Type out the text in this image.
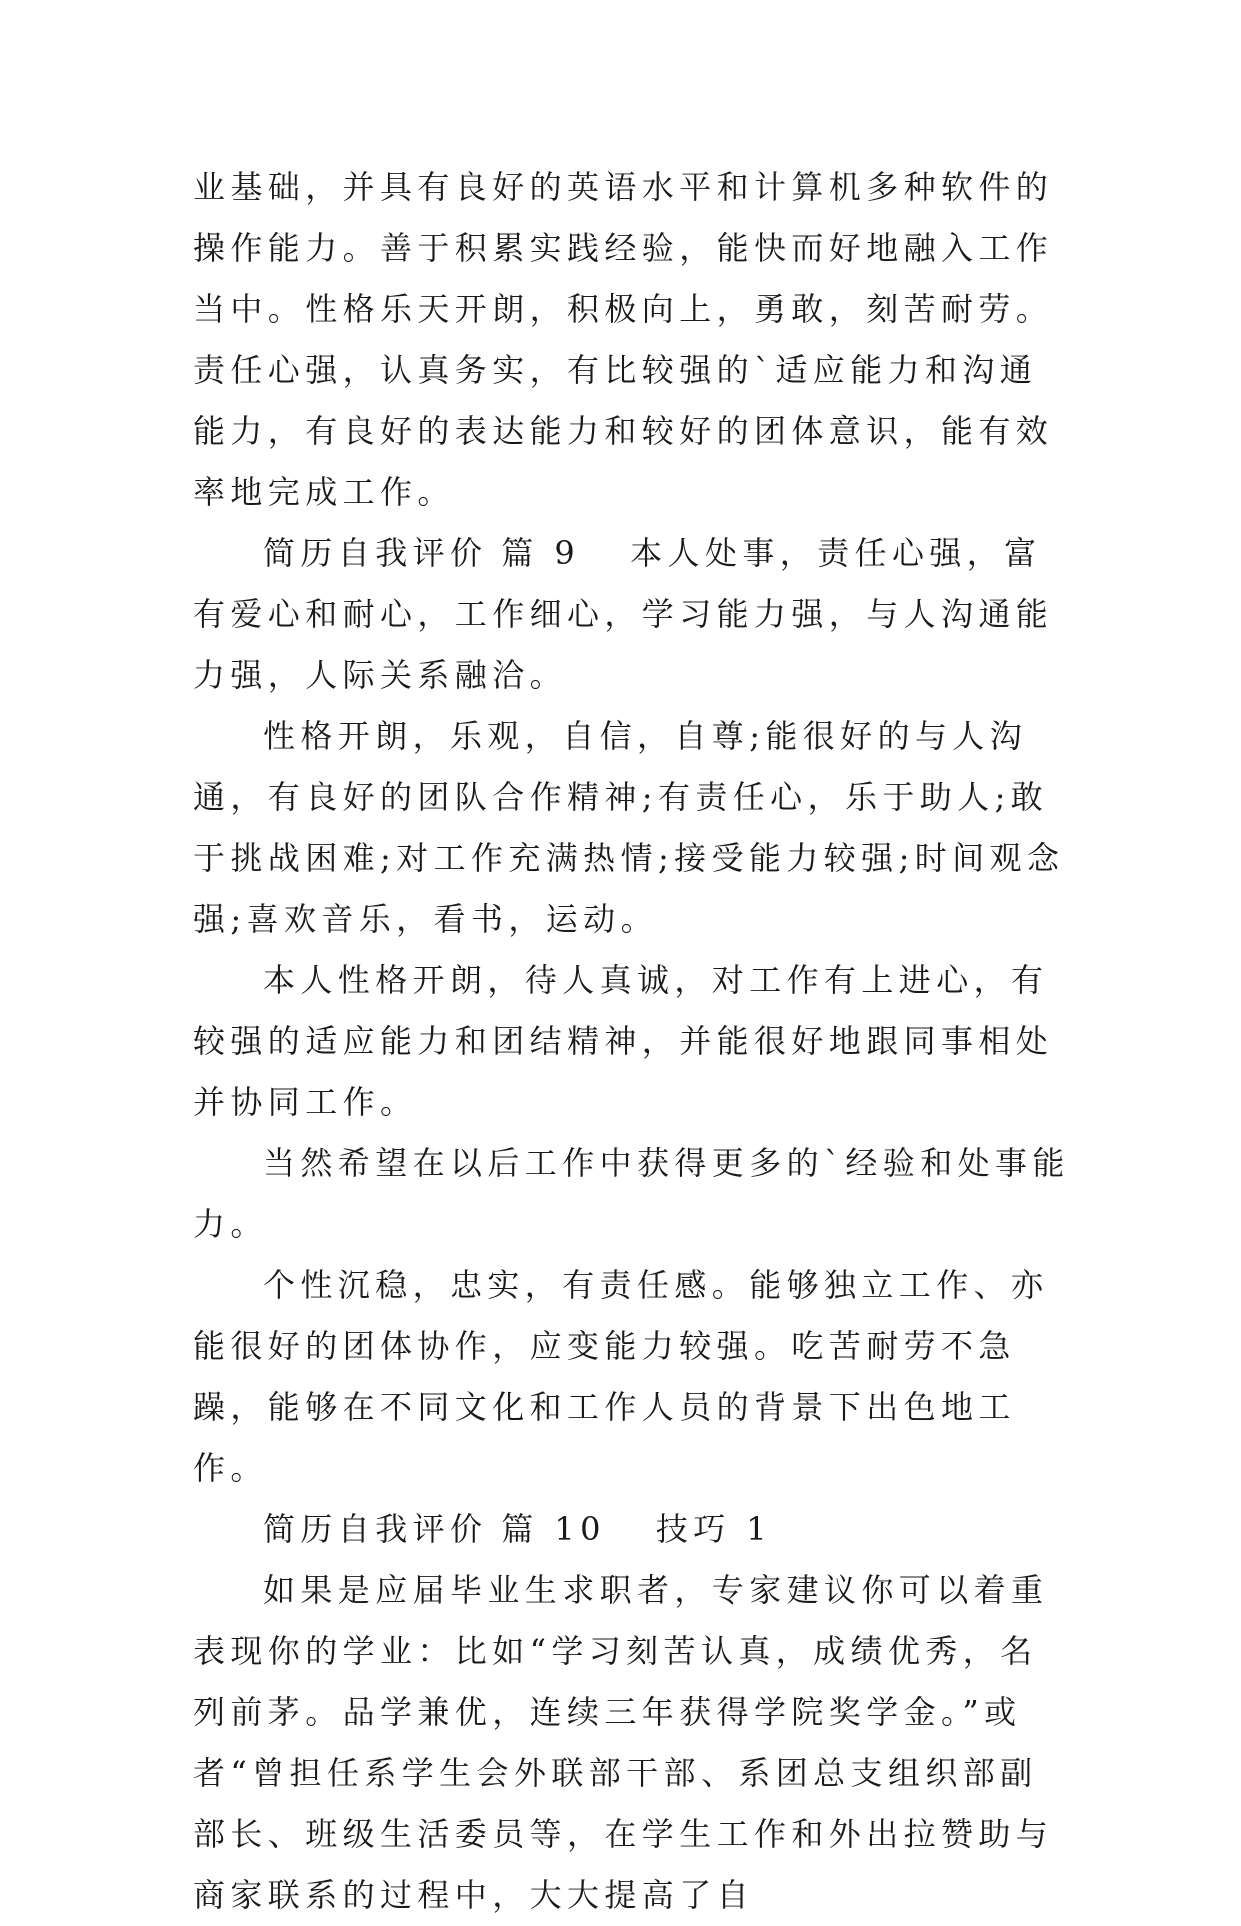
业基础，并具有良好的英语水平和计算机多种软件的操作能力。善于积累实践经验，能快而好地融入工作当中。性格乐天开朗，积极向上，勇敢，刻苦耐劳。责任心强，认真务实，有比较强的`适应能力和沟通能力，有良好的表达能力和较好的团体意识，能有效率地完成工作。

简历自我评价 篇 9 本人处事，责任心强，富有爱心和耐心，工作细心，学习能力强，与人沟通能力强，人际关系融洽。

性格开朗，乐观，自信，自尊;能很好的与人沟通，有良好的团队合作精神;有责任心，乐于助人;敢于挑战困难;对工作充满热情;接受能力较强;时间观念强;喜欢音乐，看书，运动。

本人性格开朗，待人真诚，对工作有上进心，有较强的适应能力和团结精神，并能很好地跟同事相处并协同工作。

当然希望在以后工作中获得更多的`经验和处事能力。

个性沉稳，忠实，有责任感。能够独立工作、亦能很好的团体协作，应变能力较强。吃苦耐劳不急躁，能够在不同文化和工作人员的背景下出色地工作。

简历自我评价 篇 10 技巧 1

如果是应届毕业生求职者，专家建议你可以着重表现你的学业：比如“学习刻苦认真，成绩优秀，名列前茅。品学兼优，连续三年获得学院奖学金。”或者“曾担任系学生会外联部干部、系团总支组织部副部长、班级生活委员等，在学生工作和外出拉赞助与商家联系的过程中，大大提高了自
